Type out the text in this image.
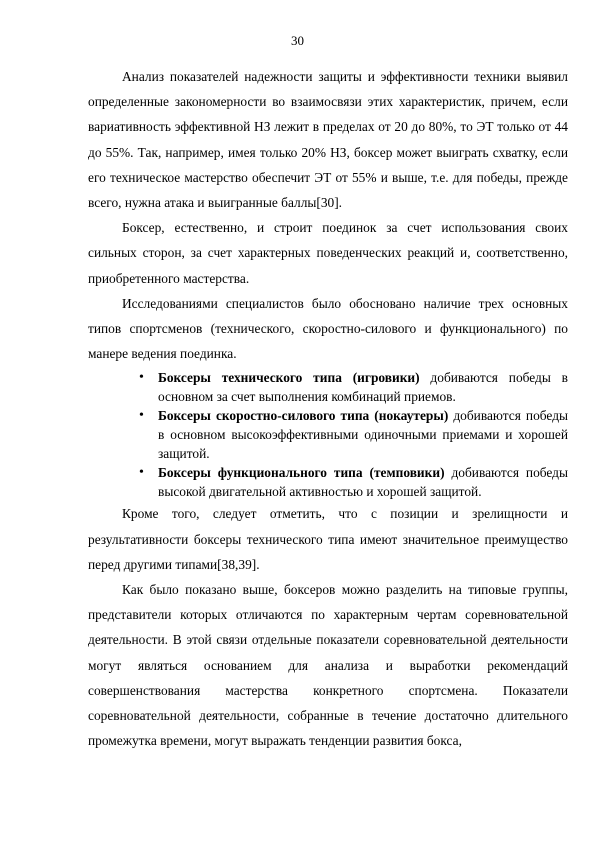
30

Анализ показателей надежности защиты и эффективности техники выявил определенные закономерности во взаимосвязи этих характеристик, причем, если вариативность эффективной НЗ лежит в пределах от 20 до 80%, то ЭТ только от 44 до 55%. Так, например, имея только 20% НЗ, боксер может выиграть схватку, если его техническое мастерство обеспечит ЭТ от 55% и выше, т.е. для победы, прежде всего, нужна атака и выигранные баллы[30].

Боксер, естественно, и строит поединок за счет использования своих сильных сторон, за счет характерных поведенческих реакций и, соответственно, приобретенного мастерства.

Исследованиями специалистов было обосновано наличие трех основных типов спортсменов (технического, скоростно-силового и функционального) по манере ведения поединка.

• Боксеры технического типа (игровики) добиваются победы в основном за счет выполнения комбинаций приемов.
• Боксеры скоростно-силового типа (нокаутеры) добиваются победы в основном высокоэффективными одиночными приемами и хорошей защитой.
• Боксеры функционального типа (темповики) добиваются победы высокой двигательной активностью и хорошей защитой.

Кроме того, следует отметить, что с позиции и зрелищности и результативности боксеры технического типа имеют значительное преимущество перед другими типами[38,39].

Как было показано выше, боксеров можно разделить на типовые группы, представители которых отличаются по характерным чертам соревновательной деятельности. В этой связи отдельные показатели соревновательной деятельности могут являться основанием для анализа и выработки рекомендаций совершенствования мастерства конкретного спортсмена. Показатели соревновательной деятельности, собранные в течение достаточно длительного промежутка времени, могут выражать тенденции развития бокса,
